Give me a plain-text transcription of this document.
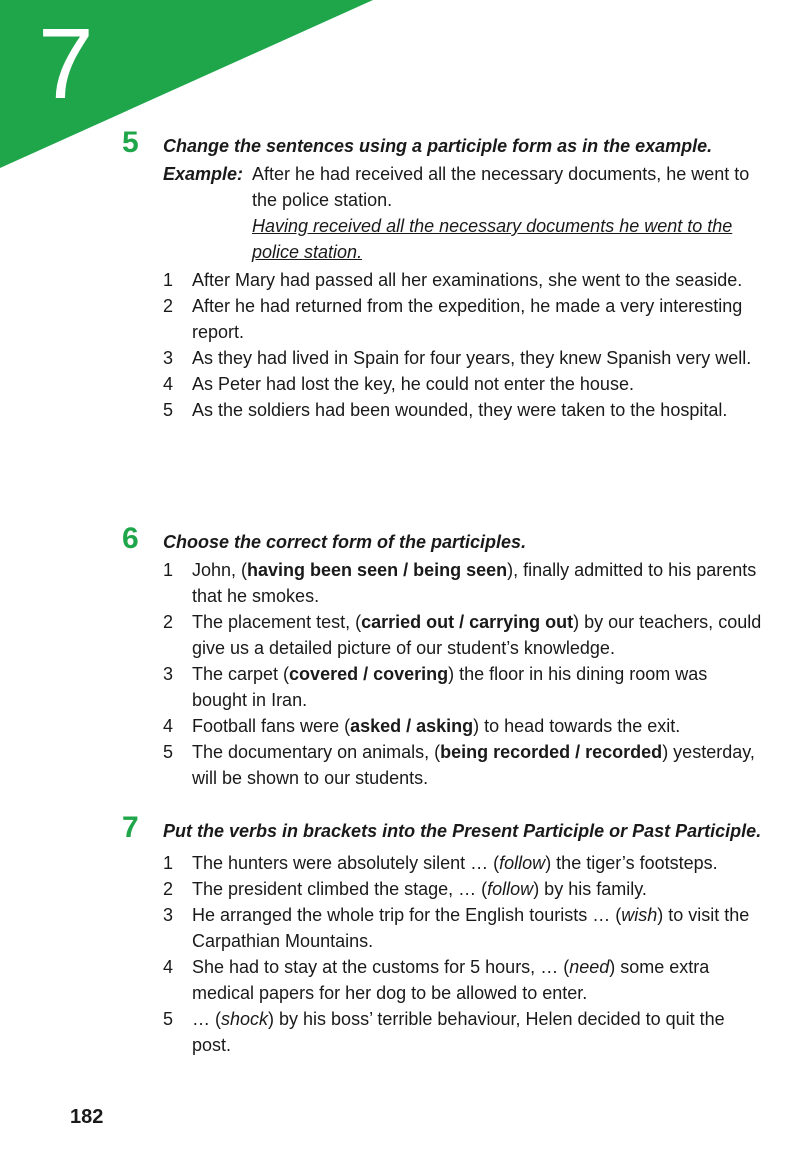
7
5 Change the sentences using a participle form as in the example.
Example: After he had received all the necessary documents, he went to the police station.
Having received all the necessary documents he went to the police station.
1 After Mary had passed all her examinations, she went to the seaside.
2 After he had returned from the expedition, he made a very interesting report.
3 As they had lived in Spain for four years, they knew Spanish very well.
4 As Peter had lost the key, he could not enter the house.
5 As the soldiers had been wounded, they were taken to the hospital.
6 Choose the correct form of the participles.
1 John, (having been seen / being seen), finally admitted to his parents that he smokes.
2 The placement test, (carried out / carrying out) by our teachers, could give us a detailed picture of our student’s knowledge.
3 The carpet (covered / covering) the floor in his dining room was bought in Iran.
4 Football fans were (asked / asking) to head towards the exit.
5 The documentary on animals, (being recorded / recorded) yesterday, will be shown to our students.
7 Put the verbs in brackets into the Present Participle or Past Participle.
1 The hunters were absolutely silent … (follow) the tiger’s footsteps.
2 The president climbed the stage, … (follow) by his family.
3 He arranged the whole trip for the English tourists … (wish) to visit the Carpathian Mountains.
4 She had to stay at the customs for 5 hours, … (need) some extra medical papers for her dog to be allowed to enter.
5 … (shock) by his boss’ terrible behaviour, Helen decided to quit the post.
182
